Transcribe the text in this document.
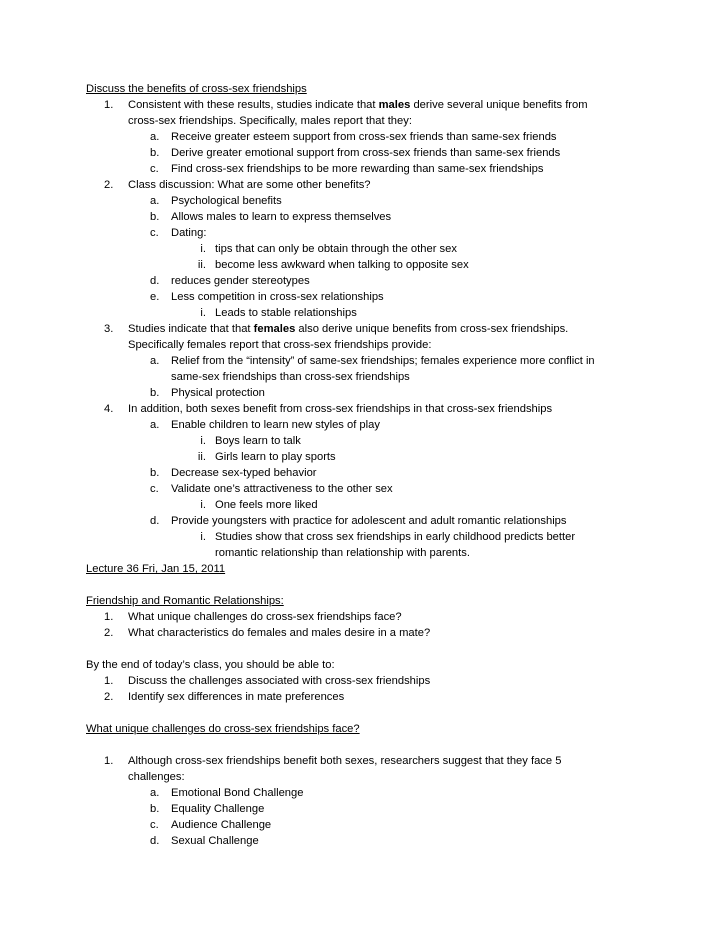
Discuss the benefits of cross-sex friendships
1. Consistent with these results, studies indicate that males derive several unique benefits from
cross-sex friendships. Specifically, males report that they:
a. Receive greater esteem support from cross-sex friends than same-sex friends
b. Derive greater emotional support from cross-sex friends than same-sex friends
c. Find cross-sex friendships to be more rewarding than same-sex friendships
2. Class discussion: What are some other benefits?
a. Psychological benefits
b. Allows males to learn to express themselves
c. Dating:
i. tips that can only be obtain through the other sex
ii. become less awkward when talking to opposite sex
d. reduces gender stereotypes
e. Less competition in cross-sex relationships
i. Leads to stable relationships
3. Studies indicate that that females also derive unique benefits from cross-sex friendships.
Specifically females report that cross-sex friendships provide:
a. Relief from the “intensity” of same-sex friendships; females experience more conflict in
same-sex friendships than cross-sex friendships
b. Physical protection
4. In addition, both sexes benefit from cross-sex friendships in that cross-sex friendships
a. Enable children to learn new styles of play
i. Boys learn to talk
ii. Girls learn to play sports
b. Decrease sex-typed behavior
c. Validate one’s attractiveness to the other sex
i. One feels more liked
d. Provide youngsters with practice for adolescent and adult romantic relationships
i. Studies show that cross sex friendships in early childhood predicts better
romantic relationship than relationship with parents.
Lecture 36 Fri, Jan 15, 2011
Friendship and Romantic Relationships:
1. What unique challenges do cross-sex friendships face?
2. What characteristics do females and males desire in a mate?
By the end of today’s class, you should be able to:
1. Discuss the challenges associated with cross-sex friendships
2. Identify sex differences in mate preferences
What unique challenges do cross-sex friendships face?
1. Although cross-sex friendships benefit both sexes, researchers suggest that they face 5
challenges:
a. Emotional Bond Challenge
b. Equality Challenge
c. Audience Challenge
d. Sexual Challenge
